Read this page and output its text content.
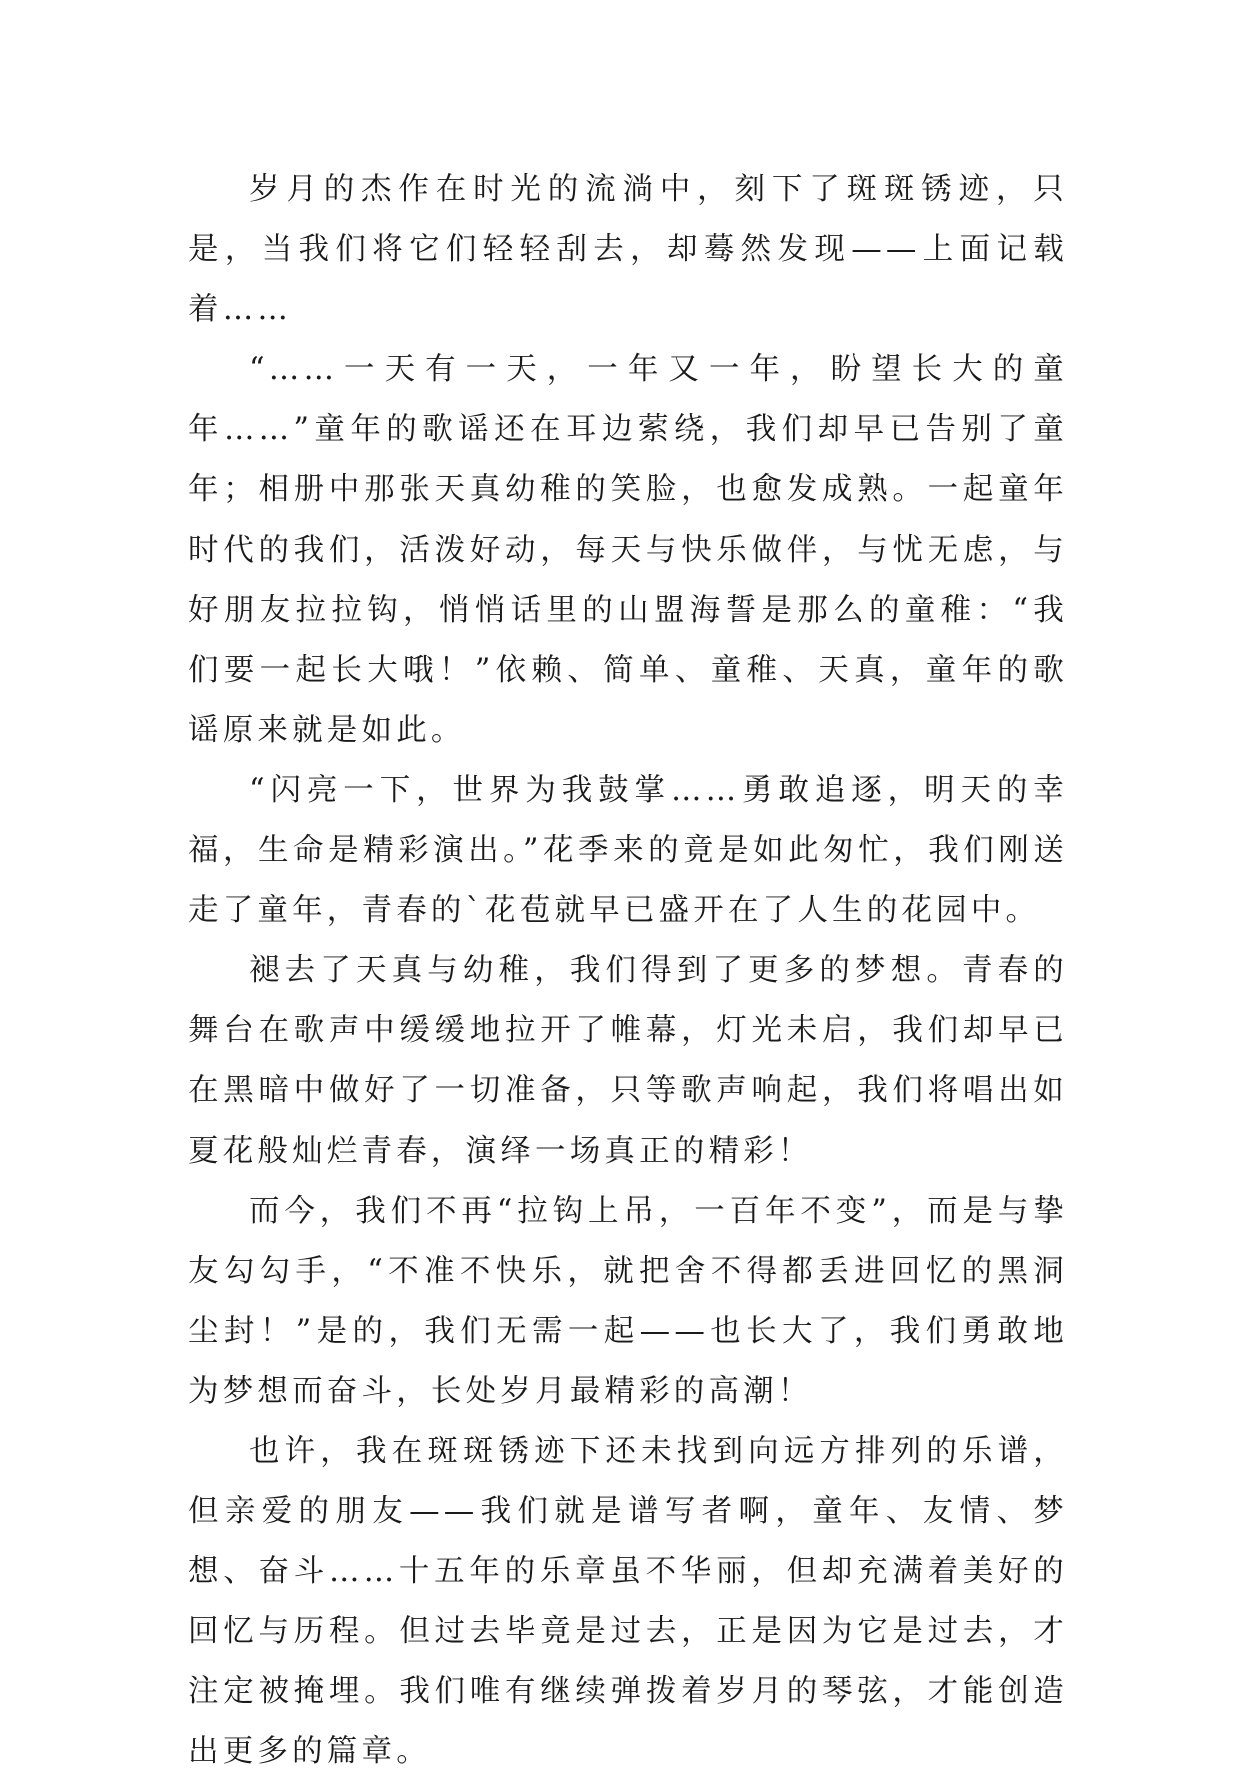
岁月的杰作在时光的流淌中，刻下了斑斑锈迹，只是，当我们将它们轻轻刮去，却蓦然发现——上面记载着……

“……一天有一天，一年又一年，盼望长大的童年……”童年的歌谣还在耳边萦绕，我们却早已告别了童年；相册中那张天真幼稚的笑脸，也愈发成熟。一起童年时代的我们，活泼好动，每天与快乐做伴，与忧无虑，与好朋友拉拉钩，悄悄话里的山盟海誓是那么的童稚：“我们要一起长大哦！”依赖、简单、童稚、天真，童年的歌谣原来就是如此。

“闪亮一下，世界为我鼓掌……勇敢追逐，明天的幸福，生命是精彩演出。”花季来的竟是如此匆忙，我们刚送走了童年，青春的`花苞就早已盛开在了人生的花园中。

褪去了天真与幼稚，我们得到了更多的梦想。青春的舞台在歌声中缓缓地拉开了帷幕，灯光未启，我们却早已在黑暗中做好了一切准备，只等歌声响起，我们将唱出如夏花般灿烂青春，演绎一场真正的精彩！

而今，我们不再“拉钩上吊，一百年不变”，而是与挚友勾勾手，“不准不快乐，就把舍不得都丢进回忆的黑洞尘封！”是的，我们无需一起——也长大了，我们勇敢地为梦想而奋斗，长处岁月最精彩的高潮！

也许，我在斑斑锈迹下还未找到向远方排列的乐谱，但亲爱的朋友——我们就是谱写者啊，童年、友情、梦想、奋斗……十五年的乐章虽不华丽，但却充满着美好的回忆与历程。但过去毕竟是过去，正是因为它是过去，才注定被掩埋。我们唯有继续弹拨着岁月的琴弦，才能创造出更多的篇章。
